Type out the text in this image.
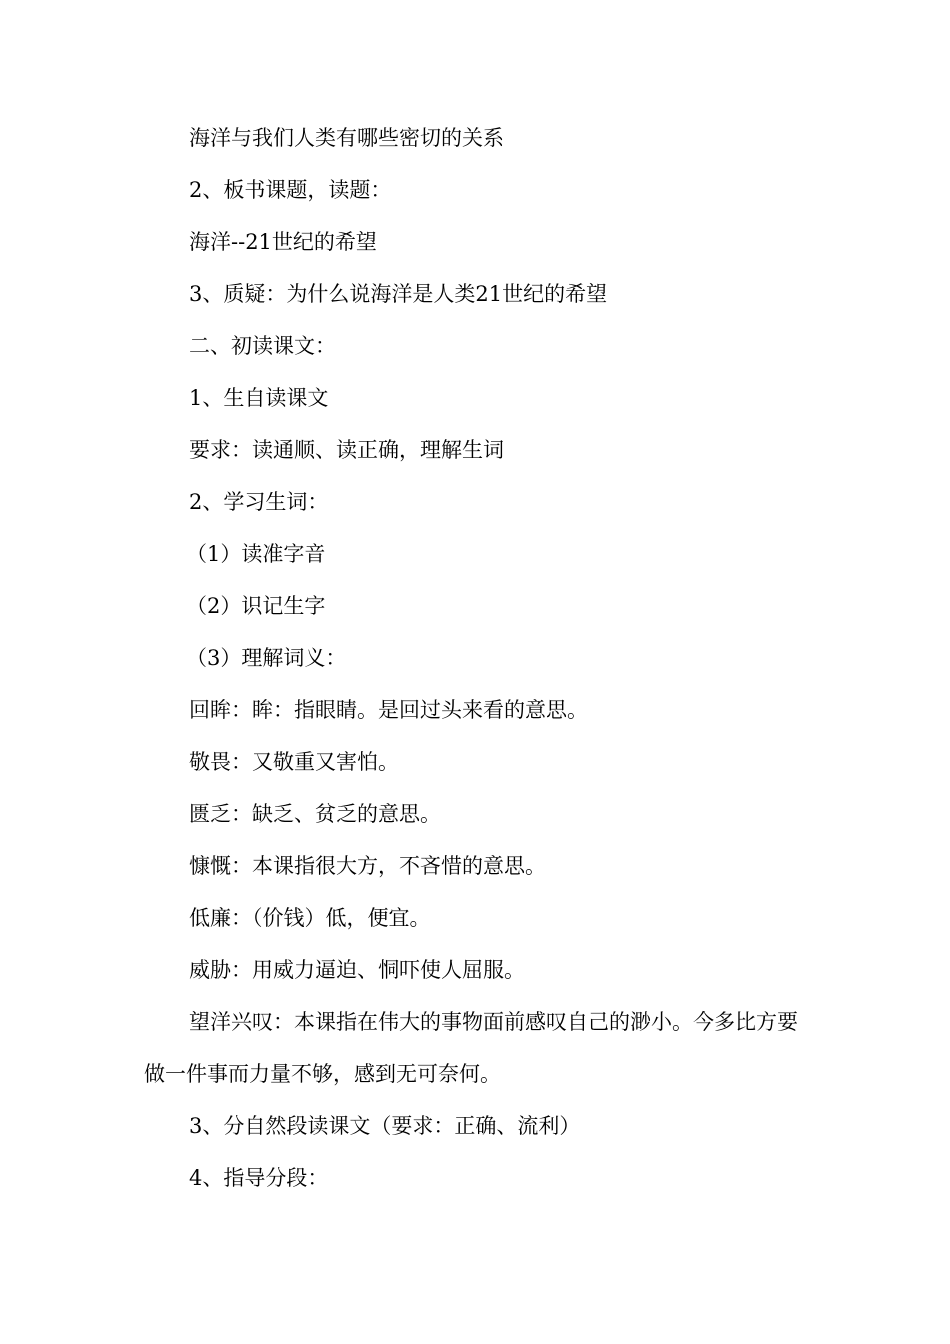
海洋与我们人类有哪些密切的关系

2、板书课题，读题：

海洋--21世纪的希望

3、质疑：为什么说海洋是人类21世纪的希望

二、初读课文：

1、生自读课文

要求：读通顺、读正确，理解生词

2、学习生词：

（1）读准字音

（2）识记生字

（3）理解词义：

回眸：眸：指眼睛。是回过头来看的意思。

敬畏：又敬重又害怕。

匮乏：缺乏、贫乏的意思。

慷慨：本课指很大方，不吝惜的意思。

低廉：（价钱）低，便宜。

威胁：用威力逼迫、恫吓使人屈服。

望洋兴叹：本课指在伟大的事物面前感叹自己的渺小。今多比方要做一件事而力量不够，感到无可奈何。

3、分自然段读课文（要求：正确、流利）

4、指导分段：
